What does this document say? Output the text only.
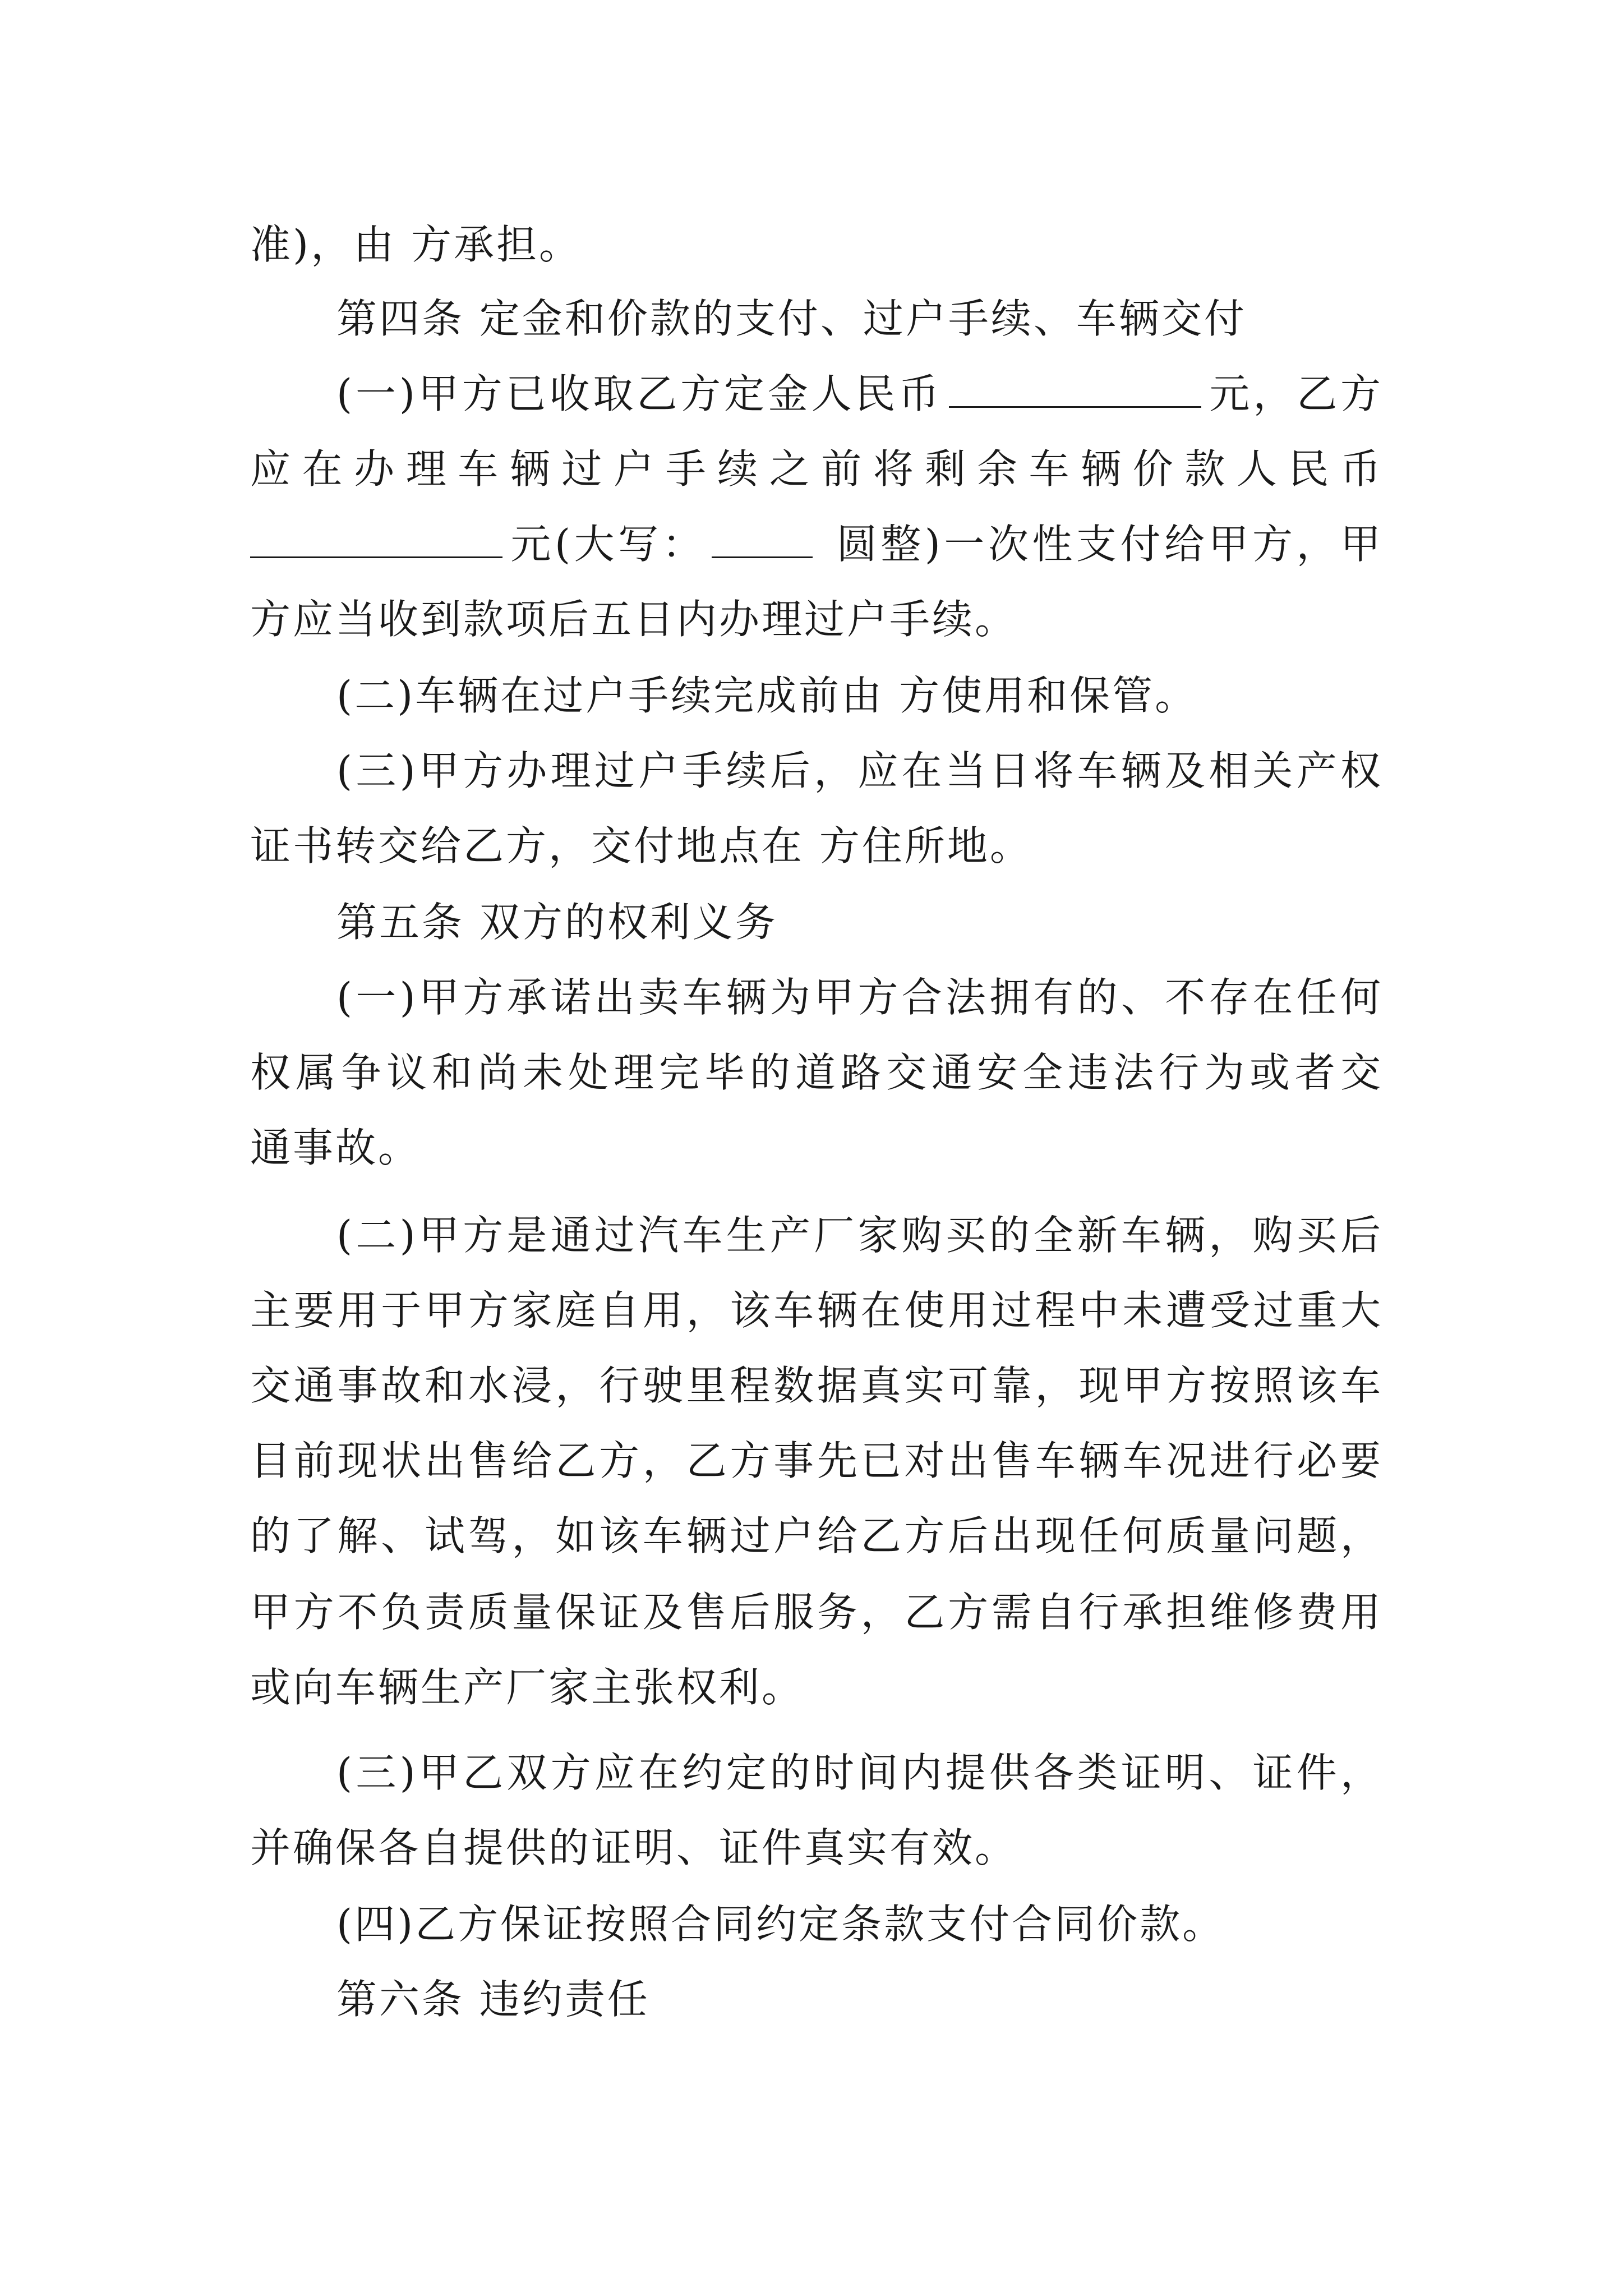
准)，由 方承担。
第四条 定金和价款的支付、过户手续、车辆交付
(一)甲方已收取乙方定金人民币	元，乙方
应在办理车辆过户手续之前将剩余车辆价款人民币
元(大写：	圆整)一次性支付给甲方，甲
方应当收到款项后五日内办理过户手续。
(二)车辆在过户手续完成前由 方使用和保管。
(三)甲方办理过户手续后，应在当日将车辆及相关产权
证书转交给乙方，交付地点在 方住所地。
第五条 双方的权利义务
(一)甲方承诺出卖车辆为甲方合法拥有的、不存在任何
权属争议和尚未处理完毕的道路交通安全违法行为或者交
通事故。
(二)甲方是通过汽车生产厂家购买的全新车辆，购买后
主要用于甲方家庭自用，该车辆在使用过程中未遭受过重大
交通事故和水浸，行驶里程数据真实可靠，现甲方按照该车
目前现状出售给乙方，乙方事先已对出售车辆车况进行必要
的了解、试驾，如该车辆过户给乙方后出现任何质量问题，
甲方不负责质量保证及售后服务，乙方需自行承担维修费用
或向车辆生产厂家主张权利。
(三)甲乙双方应在约定的时间内提供各类证明、证件，
并确保各自提供的证明、证件真实有效。
(四)乙方保证按照合同约定条款支付合同价款。
第六条 违约责任
